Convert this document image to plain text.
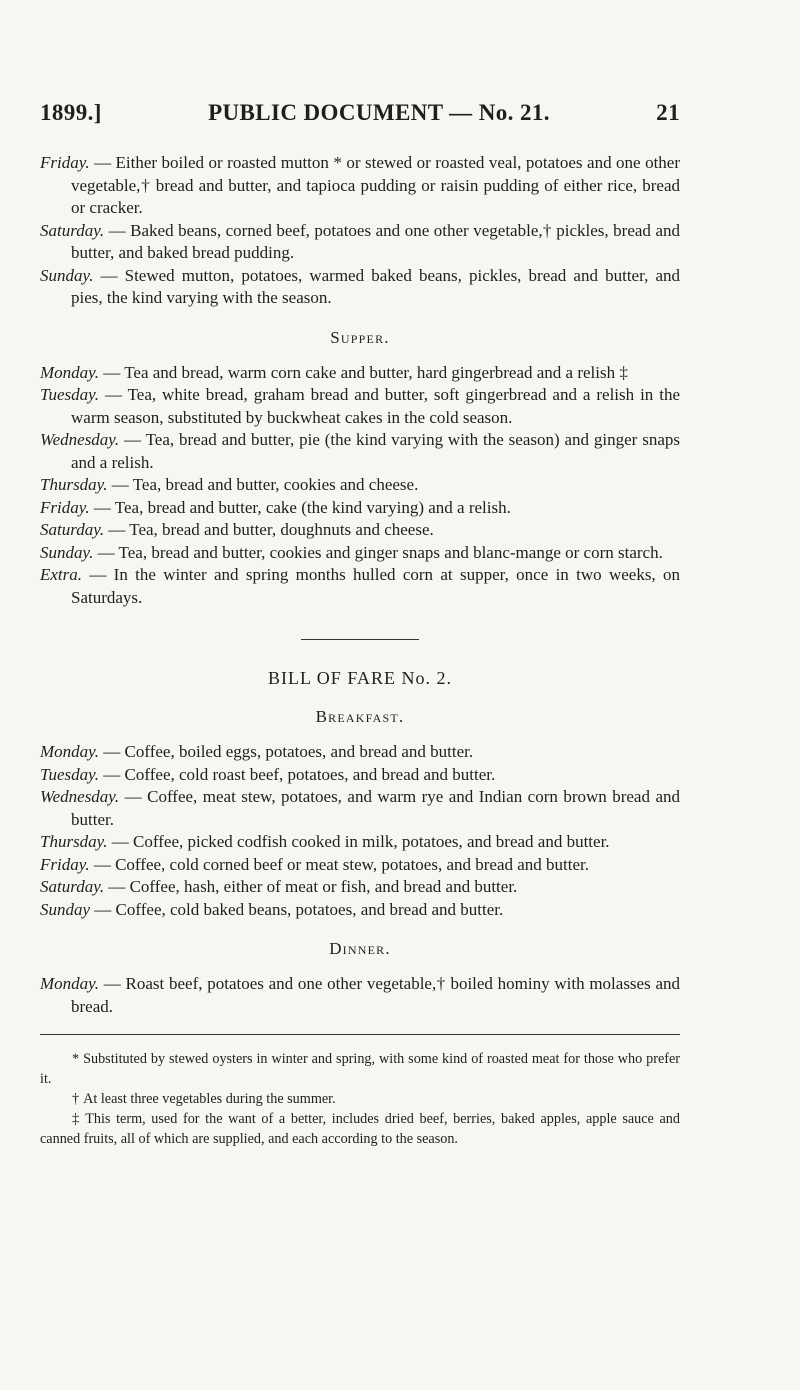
1899.]	PUBLIC DOCUMENT — No. 21.	21

Friday. — Either boiled or roasted mutton * or stewed or roasted veal, potatoes and one other vegetable,† bread and butter, and tapioca pudding or raisin pudding of either rice, bread or cracker.

Saturday. — Baked beans, corned beef, potatoes and one other vegetable,† pickles, bread and butter, and baked bread pudding.

Sunday. — Stewed mutton, potatoes, warmed baked beans, pickles, bread and butter, and pies, the kind varying with the season.

Supper.

Monday. — Tea and bread, warm corn cake and butter, hard gingerbread and a relish ‡

Tuesday. — Tea, white bread, graham bread and butter, soft gingerbread and a relish in the warm season, substituted by buckwheat cakes in the cold season.

Wednesday. — Tea, bread and butter, pie (the kind varying with the season) and ginger snaps and a relish.

Thursday. — Tea, bread and butter, cookies and cheese.

Friday. — Tea, bread and butter, cake (the kind varying) and a relish.

Saturday. — Tea, bread and butter, doughnuts and cheese.

Sunday. — Tea, bread and butter, cookies and ginger snaps and blanc-mange or corn starch.

Extra. — In the winter and spring months hulled corn at supper, once in two weeks, on Saturdays.

BILL OF FARE No. 2.
Breakfast.

Monday. — Coffee, boiled eggs, potatoes, and bread and butter.

Tuesday. — Coffee, cold roast beef, potatoes, and bread and butter.

Wednesday. — Coffee, meat stew, potatoes, and warm rye and Indian corn brown bread and butter.

Thursday. — Coffee, picked codfish cooked in milk, potatoes, and bread and butter.

Friday. — Coffee, cold corned beef or meat stew, potatoes, and bread and butter.

Saturday. — Coffee, hash, either of meat or fish, and bread and butter.

Sunday — Coffee, cold baked beans, potatoes, and bread and butter.

Dinner.

Monday. — Roast beef, potatoes and one other vegetable,† boiled hominy with molasses and bread.

* Substituted by stewed oysters in winter and spring, with some kind of roasted meat for those who prefer it.

† At least three vegetables during the summer.

‡ This term, used for the want of a better, includes dried beef, berries, baked apples, apple sauce and canned fruits, all of which are supplied, and each according to the season.
